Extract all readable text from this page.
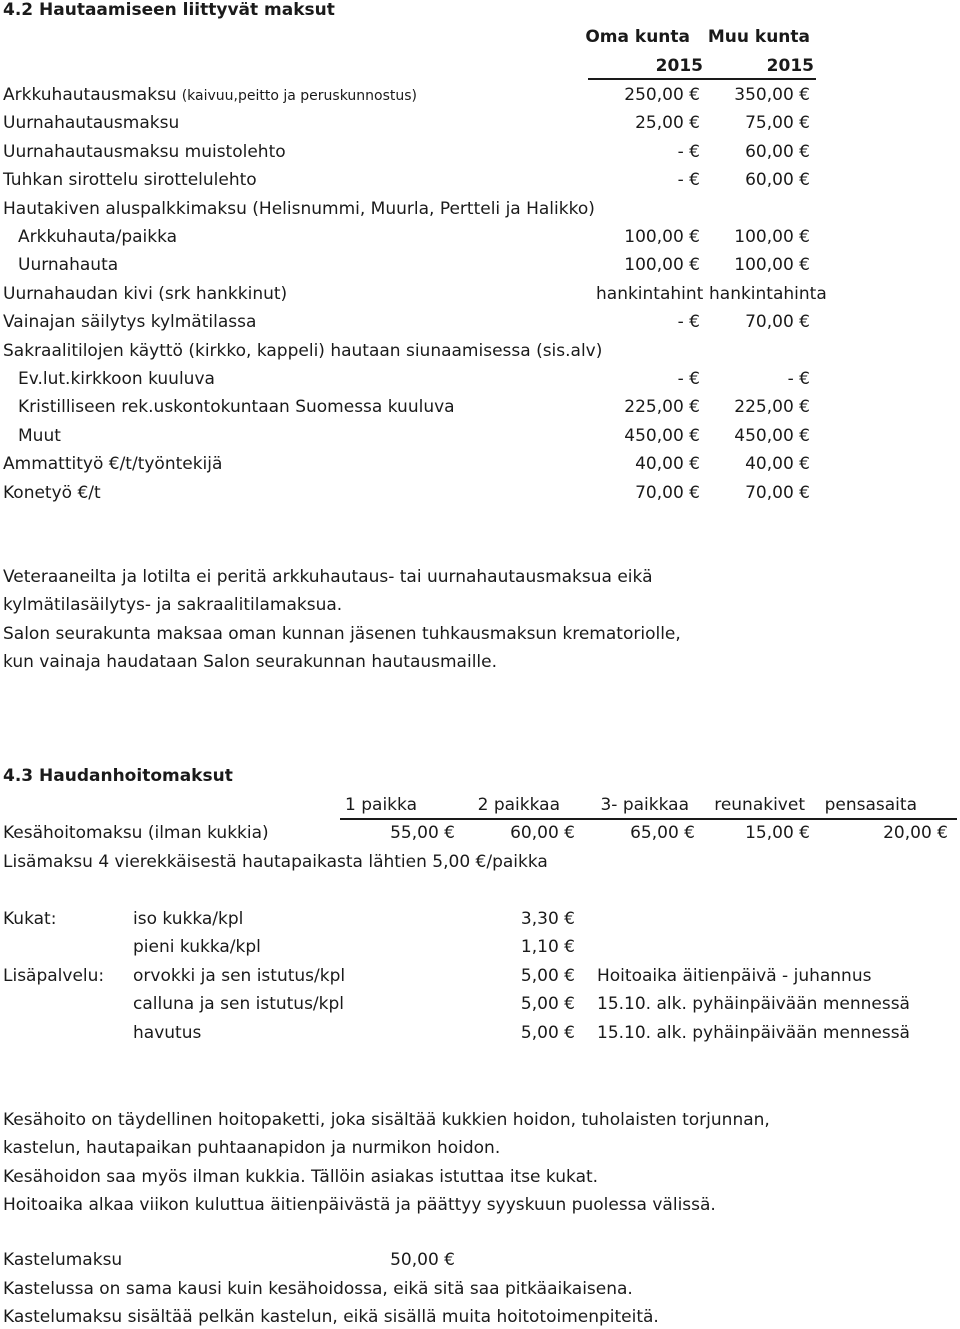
4.2 Hautaamiseen liittyvät maksut
Oma kunta	Muu kunta
2015	2015
Arkkuhautausmaksu (kaivuu,peitto ja peruskunnostus)	250,00 €	350,00 €
Uurnahautausmaksu	25,00 €	75,00 €
Uurnahautausmaksu muistolehto	- €	60,00 €
Tuhkan sirottelu sirottelulehto	- €	60,00 €
Hautakiven aluspalkkimaksu (Helisnummi, Muurla, Pertteli ja Halikko)
Arkkuhauta/paikka	100,00 €	100,00 €
Uurnahauta	100,00 €	100,00 €
Uurnahaudan kivi (srk hankkinut)	hankintahint hankintahinta
Vainajan säilytys kylmätilassa	- €	70,00 €
Sakraalitilojen käyttö (kirkko, kappeli) hautaan siunaamisessa (sis.alv)
Ev.lut.kirkkoon kuuluva	- €	- €
Kristilliseen rek.uskontokuntaan Suomessa kuuluva	225,00 €	225,00 €
Muut	450,00 €	450,00 €
Ammattityö €/t/työntekijä	40,00 €	40,00 €
Konetyö €/t	70,00 €	70,00 €
Veteraaneilta ja lotilta ei peritä arkkuhautaus- tai uurnahautausmaksua eikä
kylmätilasäilytys- ja sakraalitilamaksua.
Salon seurakunta maksaa oman kunnan jäsenen tuhkausmaksun krematoriolle,
kun vainaja haudataan Salon seurakunnan hautausmaille.
4.3 Haudanhoitomaksut
1 paikka	2 paikkaa	3- paikkaa	reunakivet	pensasaita
Kesähoitomaksu (ilman kukkia)	55,00 €	60,00 €	65,00 €	15,00 €	20,00 €
Lisämaksu 4 vierekkäisestä hautapaikasta lähtien 5,00 €/paikka
Kukat:	iso kukka/kpl	3,30 €
pieni kukka/kpl	1,10 €
Lisäpalvelu: orvokki ja sen istutus/kpl	5,00 € Hoitoaika äitienpäivä - juhannus
calluna ja sen istutus/kpl	5,00 € 15.10. alk. pyhäinpäivään mennessä
havutus	5,00 € 15.10. alk. pyhäinpäivään mennessä
Kesähoito on täydellinen hoitopaketti, joka sisältää kukkien hoidon, tuholaisten torjunnan,
kastelun, hautapaikan puhtaanapidon ja nurmikon hoidon.
Kesähoidon saa myös ilman kukkia. Tällöin asiakas istuttaa itse kukat.
Hoitoaika alkaa viikon kuluttua äitienpäivästä ja päättyy syyskuun puolessa välissä.
Kastelumaksu	50,00 €
Kastelussa on sama kausi kuin kesähoidossa, eikä sitä saa pitkäaikaisena.
Kastelumaksu sisältää pelkän kastelun, eikä sisällä muita hoitotoimenpiteitä.
